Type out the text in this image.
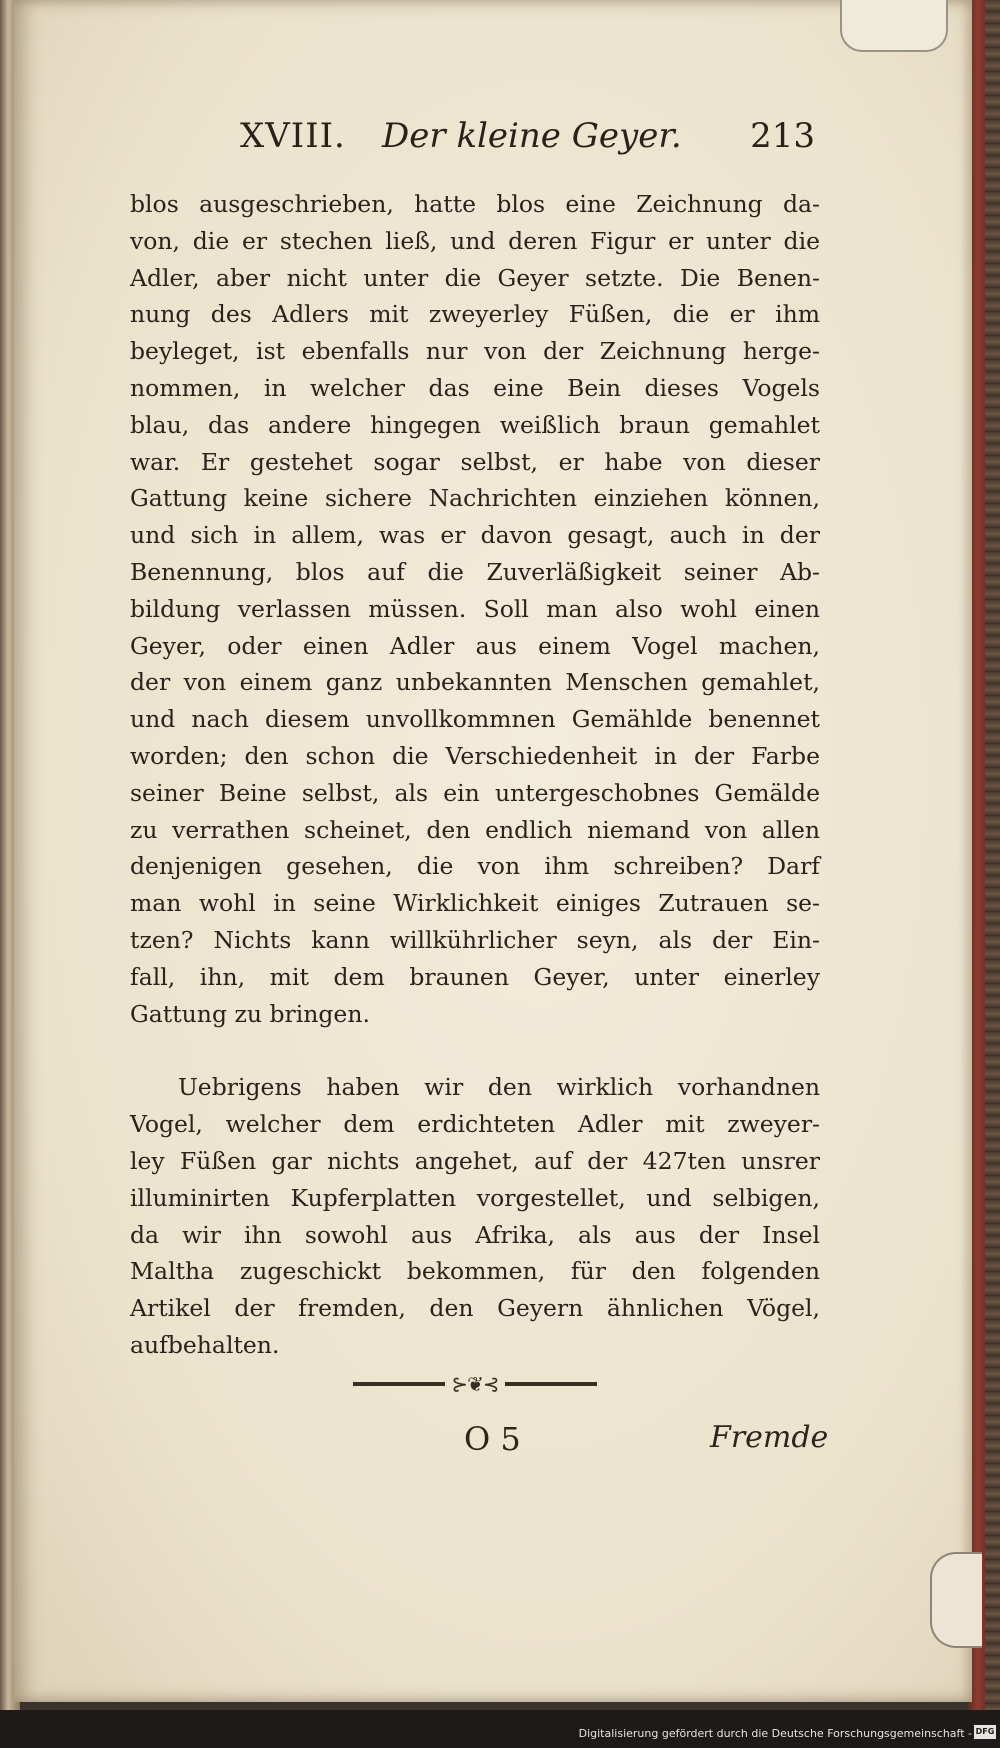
XVIII. Der kleine Geyer. 213
blos ausgeschrieben, hatte blos eine Zeichnung da-
von, die er stechen ließ, und deren Figur er unter die
Adler, aber nicht unter die Geyer setzte. Die Benen-
nung des Adlers mit zweyerley Füßen, die er ihm
beyleget, ist ebenfalls nur von der Zeichnung herge-
nommen, in welcher das eine Bein dieses Vogels
blau, das andere hingegen weißlich braun gemahlet
war. Er gestehet sogar selbst, er habe von dieser
Gattung keine sichere Nachrichten einziehen können,
und sich in allem, was er davon gesagt, auch in der
Benennung, blos auf die Zuverläßigkeit seiner Ab-
bildung verlassen müssen. Soll man also wohl einen
Geyer, oder einen Adler aus einem Vogel machen,
der von einem ganz unbekannten Menschen gemahlet,
und nach diesem unvollkommnen Gemählde benennet
worden; den schon die Verschiedenheit in der Farbe
seiner Beine selbst, als ein untergeschobnes Gemälde
zu verrathen scheinet, den endlich niemand von allen
denjenigen gesehen, die von ihm schreiben? Darf
man wohl in seine Wirklichkeit einiges Zutrauen se-
tzen? Nichts kann willkührlicher seyn, als der Ein-
fall, ihn, mit dem braunen Geyer, unter einerley
Gattung zu bringen.
Uebrigens haben wir den wirklich vorhandnen
Vogel, welcher dem erdichteten Adler mit zweyer-
ley Füßen gar nichts angehet, auf der 427ten unsrer
illuminirten Kupferplatten vorgestellet, und selbigen,
da wir ihn sowohl aus Afrika, als aus der Insel
Maltha zugeschickt bekommen, für den folgenden
Artikel der fremden, den Geyern ähnlichen Vögel,
aufbehalten.
⊱❦⊰
O 5	Fremde
Digitalisierung gefördert durch die Deutsche Forschungsgemeinschaft - DFG
